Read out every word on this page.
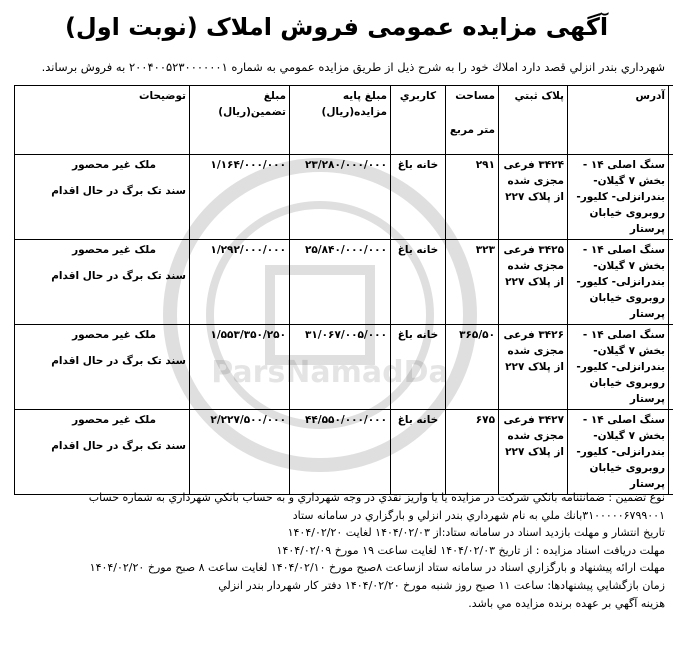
ParsNamadDa
آگهی مزایده عمومی فروش املاک (نوبت اول)
شهرداري بندر انزلي قصد دارد املاك خود را به شرح ذيل از طريق مزايده عمومي به شماره ۲۰۰۴۰۰۵۲۳۰۰۰۰۰۰۱ به فروش برساند.
	آدرس	پلاک ثبتي	مساحت
متر مربع	کاربري	مبلغ پايه مزايده(ريال)	مبلغ تضمين(ريال)	توضيحات

سنگ اصلی ۱۴ -
بخش ۷ گیلان-
بندرانزلی- کلیور-
روبروی خیابان پرستار	۳۴۲۴ فرعی
مجزی شده
از پلاک ۲۲۷	۲۹۱	خانه باغ	۲۳/۲۸۰/۰۰۰/۰۰۰	۱/۱۶۴/۰۰۰/۰۰۰	ملک غیر محصور
سند تک برگ در حال اقدام

سنگ اصلی ۱۴ -
بخش ۷ گیلان-
بندرانزلی- کلیور-
روبروی خیابان پرستار	۳۴۲۵ فرعی
مجزی شده
از پلاک ۲۲۷	۳۲۳	خانه باغ	۲۵/۸۴۰/۰۰۰/۰۰۰	۱/۲۹۲/۰۰۰/۰۰۰	ملک غیر محصور
سند تک برگ در حال اقدام

سنگ اصلی ۱۴ -
بخش ۷ گیلان-
بندرانزلی- کلیور-
روبروی خیابان پرستار	۳۴۲۶ فرعی
مجزی شده
از پلاک ۲۲۷	۳۶۵/۵۰	خانه باغ	۳۱/۰۶۷/۰۰۵/۰۰۰	۱/۵۵۳/۳۵۰/۲۵۰	ملک غیر محصور
سند تک برگ در حال اقدام

سنگ اصلی ۱۴ -
بخش ۷ گیلان-
بندرانزلی- کلیور-
روبروی خیابان پرستار	۳۴۲۷ فرعی
مجزی شده
از پلاک ۲۲۷	۶۷۵	خانه باغ	۴۴/۵۵۰/۰۰۰/۰۰۰	۲/۲۲۷/۵۰۰/۰۰۰	ملک غیر محصور
سند تک برگ در حال اقدام

نوع تضمین : ضمانتنامه بانکي شرکت در مزایده یا یا واریز نقدي در وجه شهرداري و به حساب بانکي شهرداري به شماره حساب

۳۱۰۰۰۰۰۶۷۹۹۰۰۱بانك ملي به نام شهرداري بندر انزلي و بارگزاري در سامانه ستاد

تاريخ انتشار و مهلت بازديد اسناد در سامانه ستاد:از ۱۴۰۴/۰۲/۰۳ لغایت ۱۴۰۴/۰۲/۲۰

مهلت دريافت اسناد مزایده : از تاريخ ۱۴۰۴/۰۲/۰۳ لغايت ساعت ۱۹ مورخ ۱۴۰۴/۰۲/۰۹

مهلت ارائه پيشنهاد و بارگزاري اسناد در سامانه ستاد ازساعت ۸صبح مورخ ۱۴۰۴/۰۲/۱۰ لغايت ساعت ۸ صبح مورخ ۱۴۰۴/۰۲/۲۰

زمان بازگشايي پيشنهادها: ساعت ۱۱ صبح روز شنبه مورخ ۱۴۰۴/۰۲/۲۰ دفتر كار شهردار بندر انزلي

هزينه آگهي بر عهده برنده مزايده مي باشد.
